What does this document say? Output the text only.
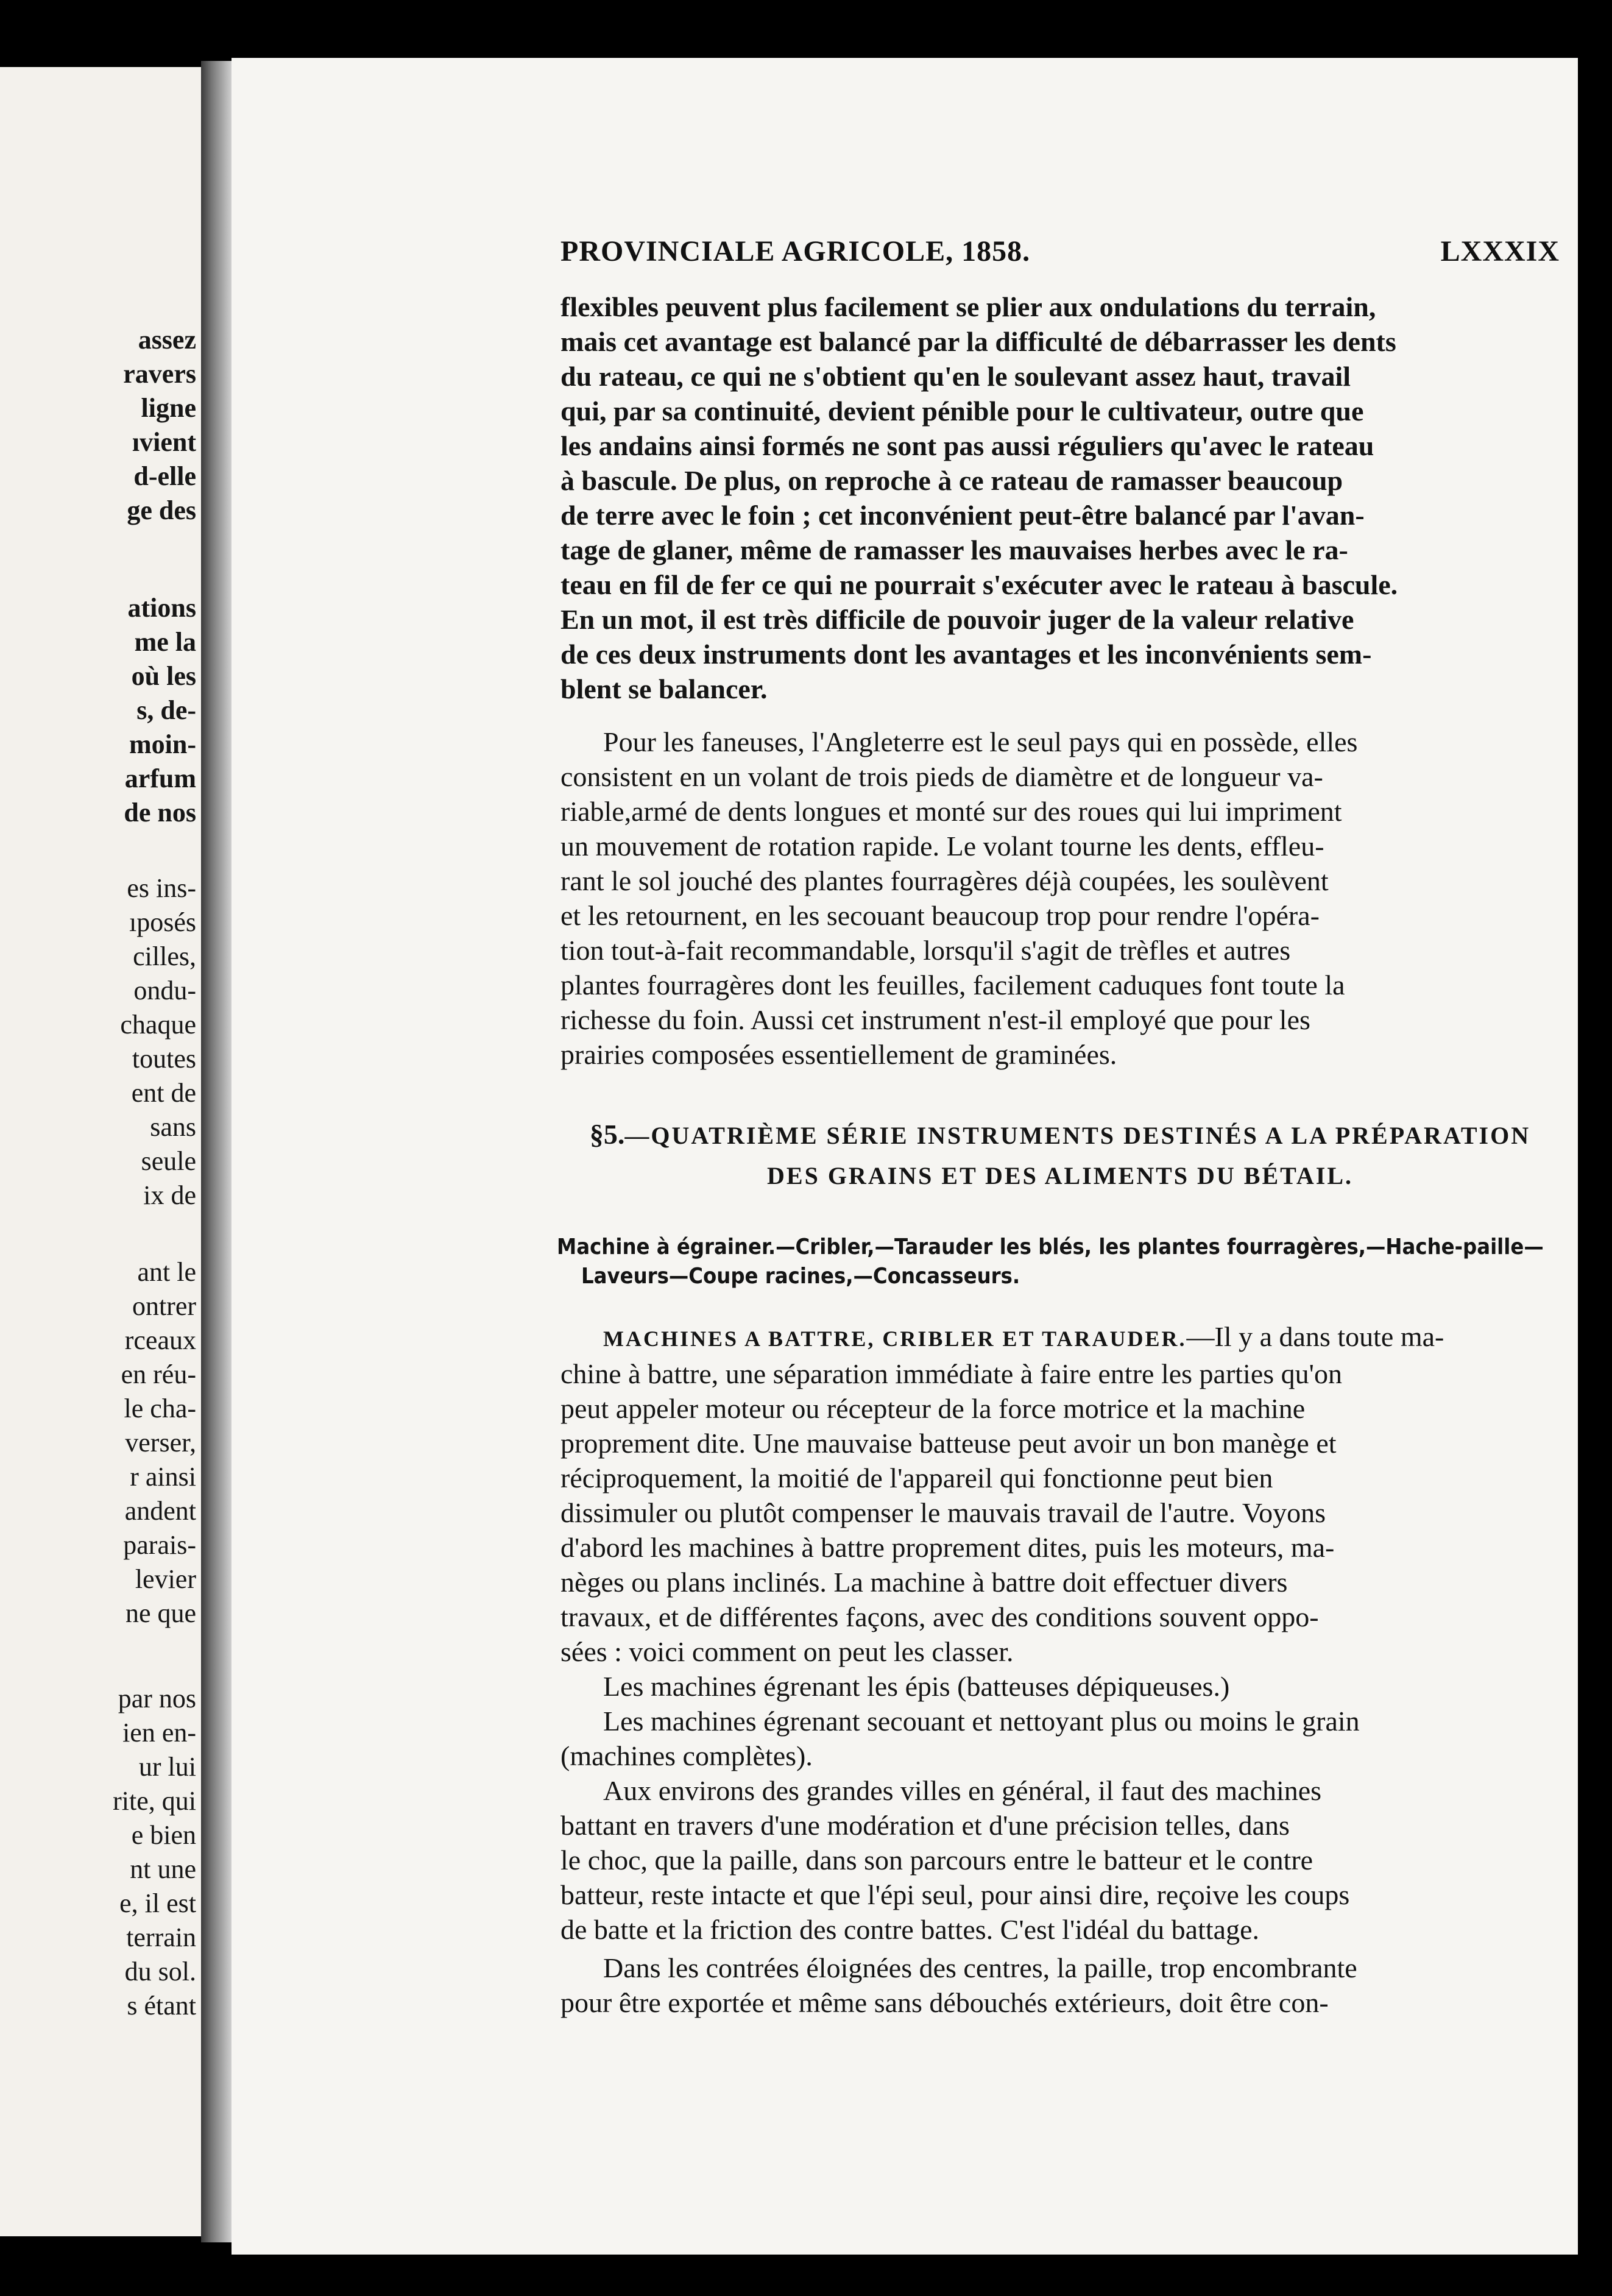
assez
ravers
ligne
ıvient
d-elle
ge des
ations
me la
où les
s, de-
moin-
arfum
de nos
es ins-
ıposés
cilles,
ondu-
chaque
toutes
ent de
sans
seule
ix de
ant le
ontrer
rceaux
en réu-
le cha-
verser,
r ainsi
andent
parais-
levier
ne que
par nos
ien en-
ur lui
rite, qui
e bien
nt une
e, il est
terrain
du sol.
s étant
PROVINCIALE AGRICOLE, 1858.	LXXXIX

flexibles peuvent plus facilement se plier aux ondulations du terrain,
mais cet avantage est balancé par la difficulté de débarrasser les dents
du rateau, ce qui ne s'obtient qu'en le soulevant assez haut, travail
qui, par sa continuité, devient pénible pour le cultivateur, outre que
les andains ainsi formés ne sont pas aussi réguliers qu'avec le rateau
à bascule. De plus, on reproche à ce rateau de ramasser beaucoup
de terre avec le foin ; cet inconvénient peut-être balancé par l'avan-
tage de glaner, même de ramasser les mauvaises herbes avec le ra-
teau en fil de fer ce qui ne pourrait s'exécuter avec le rateau à bascule.
En un mot, il est très difficile de pouvoir juger de la valeur relative
de ces deux instruments dont les avantages et les inconvénients sem-
blent se balancer.

Pour les faneuses, l'Angleterre est le seul pays qui en possède, elles
consistent en un volant de trois pieds de diamètre et de longueur va-
riable,armé de dents longues et monté sur des roues qui lui impriment
un mouvement de rotation rapide. Le volant tourne les dents, effleu-
rant le sol jouché des plantes fourragères déjà coupées, les soulèvent
et les retournent, en les secouant beaucoup trop pour rendre l'opéra-
tion tout-à-fait recommandable, lorsqu'il s'agit de trèfles et autres
plantes fourragères dont les feuilles, facilement caduques font toute la
richesse du foin. Aussi cet instrument n'est-il employé que pour les
prairies composées essentiellement de graminées.

§5.—QUATRIÈME SÉRIE INSTRUMENTS DESTINÉS A LA PRÉPARATION
DES GRAINS ET DES ALIMENTS DU BÉTAIL.
Machine à égrainer.—Cribler,—Tarauder les blés, les plantes fourragères,—Hache-paille—
Laveurs—Coupe racines,—Concasseurs.

MACHINES A BATTRE, CRIBLER ET TARAUDER.—Il y a dans toute ma-
chine à battre, une séparation immédiate à faire entre les parties qu'on
peut appeler moteur ou récepteur de la force motrice et la machine
proprement dite. Une mauvaise batteuse peut avoir un bon manège et
réciproquement, la moitié de l'appareil qui fonctionne peut bien
dissimuler ou plutôt compenser le mauvais travail de l'autre. Voyons
d'abord les machines à battre proprement dites, puis les moteurs, ma-
nèges ou plans inclinés. La machine à battre doit effectuer divers
travaux, et de différentes façons, avec des conditions souvent oppo-
sées : voici comment on peut les classer.

Les machines égrenant les épis (batteuses dépiqueuses.)
Les machines égrenant secouant et nettoyant plus ou moins le grain
(machines complètes).

Aux environs des grandes villes en général, il faut des machines
battant en travers d'une modération et d'une précision telles, dans
le choc, que la paille, dans son parcours entre le batteur et le contre
batteur, reste intacte et que l'épi seul, pour ainsi dire, reçoive les coups
de batte et la friction des contre battes. C'est l'idéal du battage.

Dans les contrées éloignées des centres, la paille, trop encombrante
pour être exportée et même sans débouchés extérieurs, doit être con-
